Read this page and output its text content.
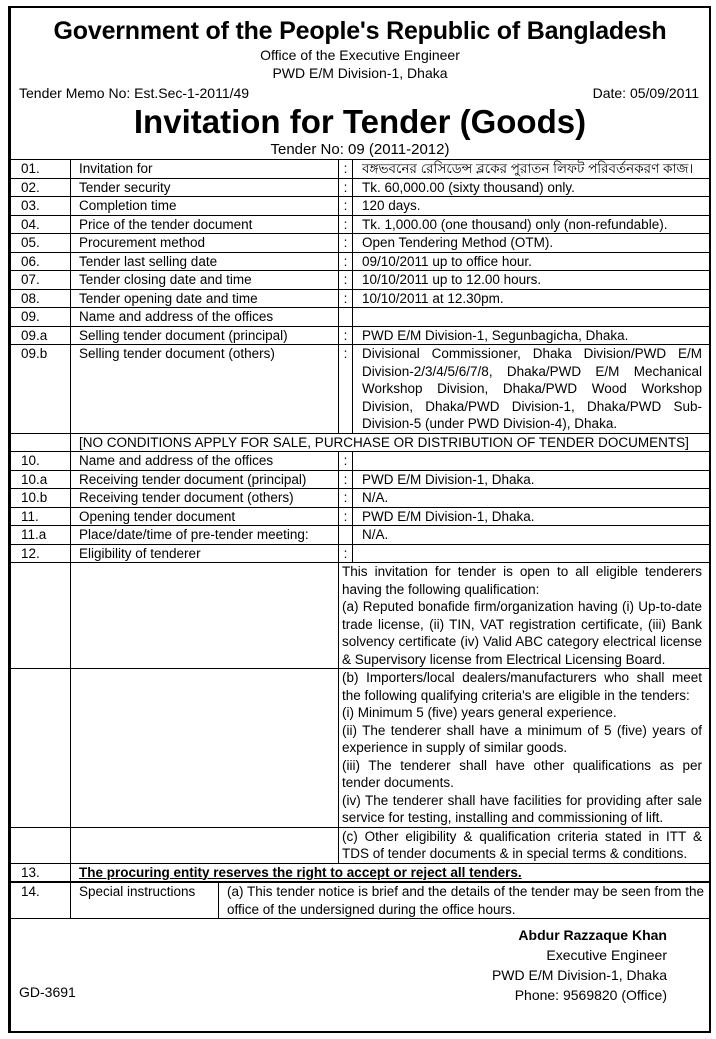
Government of the People's Republic of Bangladesh
Office of the Executive Engineer
PWD E/M Division-1, Dhaka
Tender Memo No: Est.Sec-1-2011/49	Date: 05/09/2011
Invitation for Tender (Goods)
Tender No: 09 (2011-2012)
01.	Invitation for	:	বঙ্গভবনের রেসিডেন্স ব্লকের পুরাতন লিফট পরিবর্তনকরণ কাজ।
02.	Tender security	:	Tk. 60,000.00 (sixty thousand) only.
03.	Completion time	:	120 days.
04.	Price of the tender document	:	Tk. 1,000.00 (one thousand) only (non-refundable).
05.	Procurement method	:	Open Tendering Method (OTM).
06.	Tender last selling date	:	09/10/2011 up to office hour.
07.	Tender closing date and time	:	10/10/2011 up to 12.00 hours.
08.	Tender opening date and time	:	10/10/2011 at 12.30pm.
09.	Name and address of the offices		
09.a	Selling tender document (principal)	:	PWD E/M Division-1, Segunbagicha, Dhaka.
09.b	Selling tender document (others)	:	Divisional Commissioner, Dhaka Division/PWD E/M Division-2/3/4/5/6/7/8, Dhaka/PWD E/M Mechanical Workshop Division, Dhaka/PWD Wood Workshop Division, Dhaka/PWD Division-1, Dhaka/PWD Sub-Division-5 (under PWD Division-4), Dhaka.
	[NO CONDITIONS APPLY FOR SALE, PURCHASE OR DISTRIBUTION OF TENDER DOCUMENTS]		
10.	Name and address of the offices	:	
10.a	Receiving tender document (principal)	:	PWD E/M Division-1, Dhaka.
10.b	Receiving tender document (others)	:	N/A.
11.	Opening tender document	:	PWD E/M Division-1, Dhaka.
11.a	Place/date/time of pre-tender meeting:		N/A.
12.	Eligibility of tenderer	:	

		This invitation for tender is open to all eligible tenderers having the following qualification:
(a) Reputed bonafide firm/organization having (i) Up-to-date trade license, (ii) TIN, VAT registration certificate, (iii) Bank solvency certificate (iv) Valid ABC category electrical license & Supervisory license from Electrical Licensing Board.	

		(b) Importers/local dealers/manufacturers who shall meet the following qualifying criteria's are eligible in the tenders:
(i) Minimum 5 (five) years general experience.
(ii) The tenderer shall have a minimum of 5 (five) years of experience in supply of similar goods.
(iii) The tenderer shall have other qualifications as per tender documents.
(iv) The tenderer shall have facilities for providing after sale service for testing, installing and commissioning of lift.	

		(c) Other eligibility & qualification criteria stated in ITT & TDS of tender documents & in special terms & conditions.	
13.	The procuring entity reserves the right to accept or reject all tenders.		
14.	Special instructions	(a) This tender notice is brief and the details of the tender may be seen from the office of the undersigned during the office hours.
Abdur Razzaque Khan
Executive Engineer
PWD E/M Division-1, Dhaka
Phone: 9569820 (Office)
GD-3691
